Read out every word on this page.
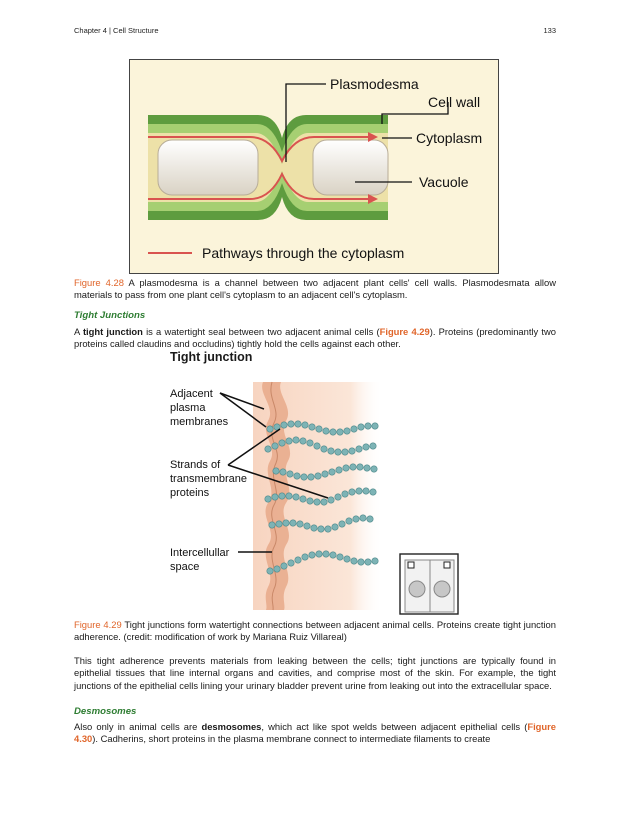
Chapter 4 | Cell Structure	133
Plasmodesma
Cell wall
Cytoplasm
Vacuole
Pathways through the cytoplasm
Figure 4.28 A plasmodesma is a channel between two adjacent plant cells' cell walls. Plasmodesmata allow materials to pass from one plant cell's cytoplasm to an adjacent cell's cytoplasm.
Tight Junctions
A tight junction is a watertight seal between two adjacent animal cells (Figure 4.29). Proteins (predominantly two proteins called claudins and occludins) tightly hold the cells against each other.
Tight junction
Adjacent plasma membranes
Strands of transmembrane proteins
Intercellullar space
Figure 4.29 Tight junctions form watertight connections between adjacent animal cells. Proteins create tight junction adherence. (credit: modification of work by Mariana Ruiz Villareal)
This tight adherence prevents materials from leaking between the cells; tight junctions are typically found in epithelial tissues that line internal organs and cavities, and comprise most of the skin. For example, the tight junctions of the epithelial cells lining your urinary bladder prevent urine from leaking out into the extracellular space.
Desmosomes
Also only in animal cells are desmosomes, which act like spot welds between adjacent epithelial cells (Figure 4.30). Cadherins, short proteins in the plasma membrane connect to intermediate filaments to create
